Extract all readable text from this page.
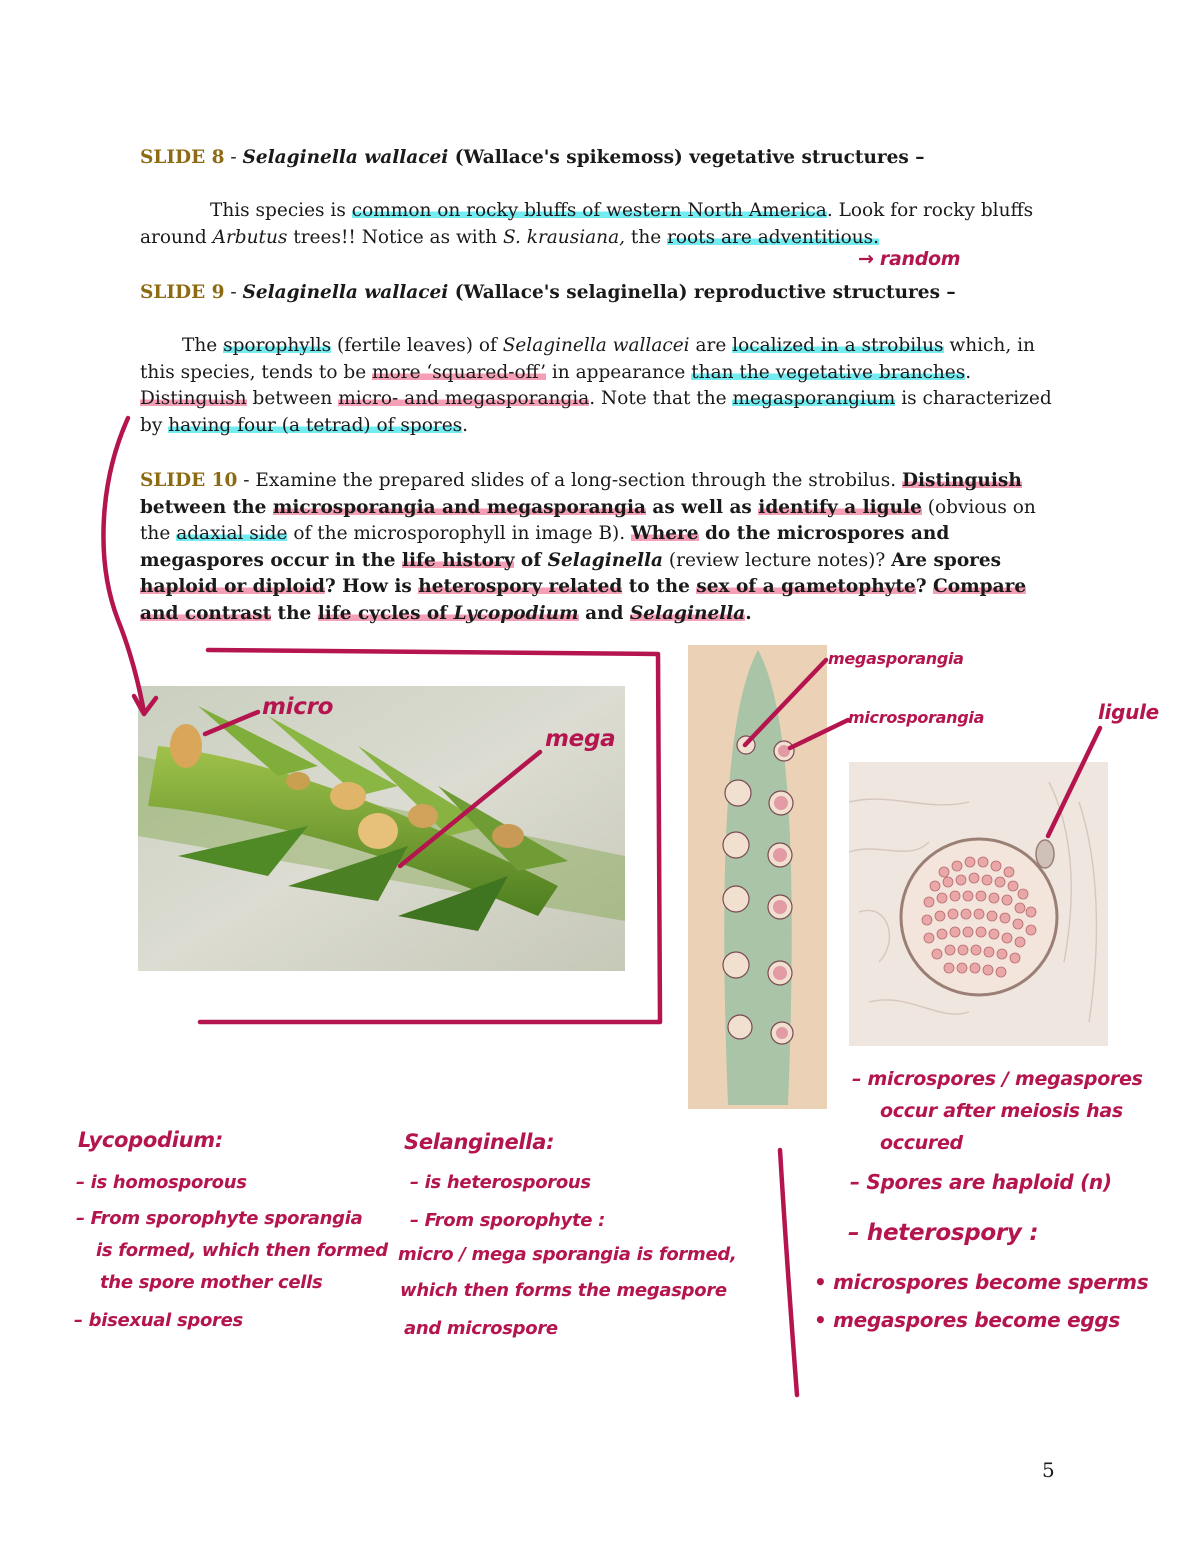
SLIDE 8 - Selaginella wallacei (Wallace's spikemoss) vegetative structures –
This species is common on rocky bluffs of western North America. Look for rocky bluffs around Arbutus trees!! Notice as with S. krausiana, the roots are adventitious.
→ random
SLIDE 9 - Selaginella wallacei (Wallace's selaginella) reproductive structures –
The sporophylls (fertile leaves) of Selaginella wallacei are localized in a strobilus which, in this species, tends to be more ‘squared-off’ in appearance than the vegetative branches. Distinguish between micro- and megasporangia. Note that the megasporangium is characterized by having four (a tetrad) of spores.
SLIDE 10 - Examine the prepared slides of a long-section through the strobilus. Distinguish between the microsporangia and megasporangia as well as identify a ligule (obvious on the adaxial side of the microsporophyll in image B). Where do the microspores and megaspores occur in the life history of Selaginella (review lecture notes)? Are spores haploid or diploid? How is heterospory related to the sex of a gametophyte? Compare and contrast the life cycles of Lycopodium and Selaginella.
micro
mega
megasporangia
microsporangia	ligule
Lycopodium:
– is homosporous
– From sporophyte sporangia
is formed, which then formed
the spore mother cells
– bisexual spores
Selanginella:
– is heterosporous
– From sporophyte :
micro / mega sporangia is formed,
which then forms the megaspore
and microspore
– microspores / megaspores
occur after meiosis has
occured
– Spores are haploid (n)
– heterospory :
• microspores become sperms
• megaspores become eggs
5
